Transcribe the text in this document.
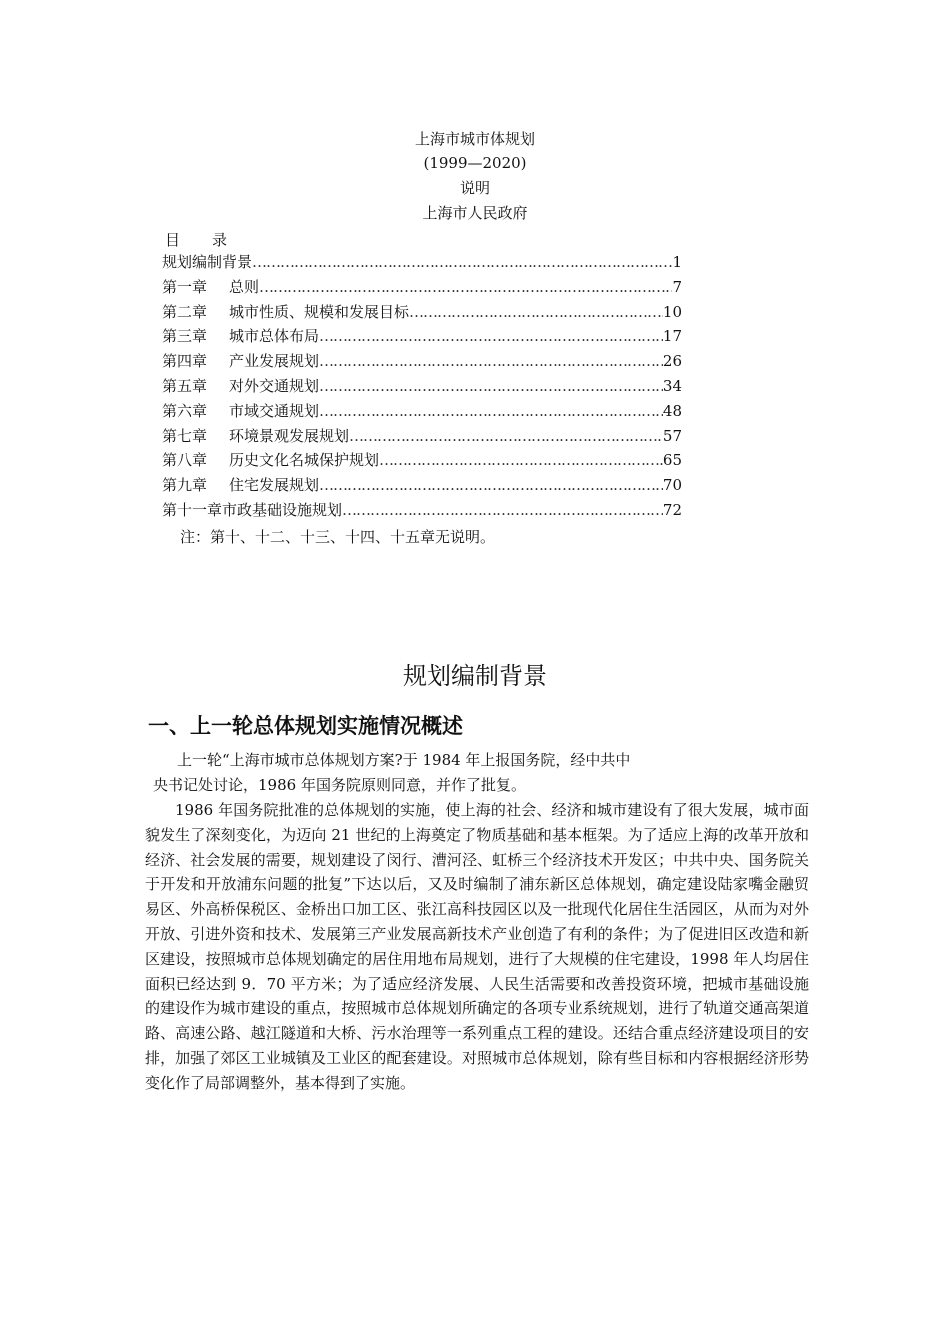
上海市城市体规划
(1999—2020)
说明
上海市人民政府
目 录
规划编制背景 …………………………………………………………………………………………………………………………………………	1
第一章	总则 …………………………………………………………………………………………………………………………………………	7
第二章	城市性质、规模和发展目标 …………………………………………………………………………………………………………………………………………	10
第三章	城市总体布局 …………………………………………………………………………………………………………………………………………	17
第四章	产业发展规划 …………………………………………………………………………………………………………………………………………	26
第五章	对外交通规划 …………………………………………………………………………………………………………………………………………	34
第六章	市域交通规划 …………………………………………………………………………………………………………………………………………	48
第七章	环境景观发展规划 …………………………………………………………………………………………………………………………………………	57
第八章	历史文化名城保护规划 …………………………………………………………………………………………………………………………………………	65
第九章	住宅发展规划 …………………………………………………………………………………………………………………………………………	70
第十一章 市政基础设施规划 …………………………………………………………………………………………………………………………………………	72
注：第十、十二、十三、十四、十五章无说明。
规划编制背景
一、上一轮总体规划实施情况概述
上一轮“上海市城市总体规划方案?于 1984 年上报国务院，经中共中
央书记处讨论，1986 年国务院原则同意，并作了批复。
1986 年国务院批准的总体规划的实施，使上海的社会、经济和城市建设有了很大发展，城市面貌发生了深刻变化，为迈向 21 世纪的上海奠定了物质基础和基本框架。为了适应上海的改革开放和经济、社会发展的需要，规划建设了闵行、漕河泾、虹桥三个经济技术开发区；中共中央、国务院关于开发和开放浦东问题的批复”下达以后，又及时编制了浦东新区总体规划，确定建设陆家嘴金融贸易区、外高桥保税区、金桥出口加工区、张江高科技园区以及一批现代化居住生活园区，从而为对外开放、引进外资和技术、发展第三产业发展高新技术产业创造了有利的条件；为了促进旧区改造和新区建设，按照城市总体规划确定的居住用地布局规划，进行了大规模的住宅建设，1998 年人均居住面积已经达到 9．70 平方米；为了适应经济发展、人民生活需要和改善投资环境，把城市基础设施的建设作为城市建设的重点，按照城市总体规划所确定的各项专业系统规划，进行了轨道交通高架道路、高速公路、越江隧道和大桥、污水治理等一系列重点工程的建设。还结合重点经济建设项目的安排，加强了郊区工业城镇及工业区的配套建设。对照城市总体规划，除有些目标和内容根据经济形势变化作了局部调整外，基本得到了实施。
